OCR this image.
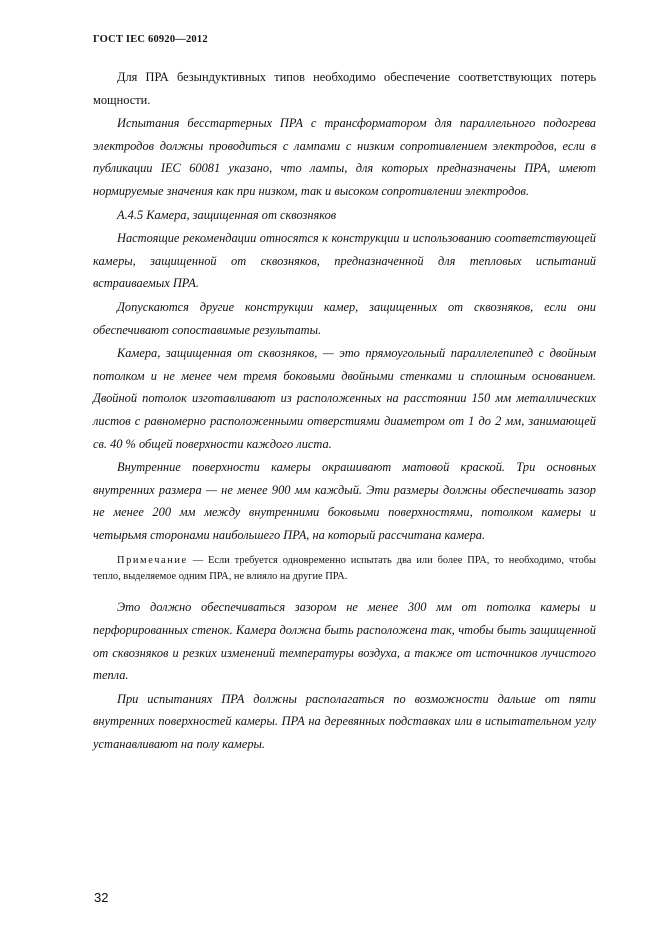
ГОСТ IEC 60920—2012

Для ПРА безындуктивных типов необходимо обеспечение соответствующих потерь мощности.

Испытания бесстартерных ПРА с трансформатором для параллельного подогрева электродов должны проводиться с лампами с низким сопротивлением электродов, если в публикации IEC 60081 указано, что лампы, для которых предназначены ПРА, имеют нормируемые значения как при низком, так и высоком сопротивлении электродов.

А.4.5 Камера, защищенная от сквозняков

Настоящие рекомендации относятся к конструкции и использованию соответствующей камеры, защищенной от сквозняков, предназначенной для тепловых испытаний встраиваемых ПРА.

Допускаются другие конструкции камер, защищенных от сквозняков, если они обеспечивают сопоставимые результаты.

Камера, защищенная от сквозняков, — это прямоугольный параллелепипед с двойным потолком и не менее чем тремя боковыми двойными стенками и сплошным основанием. Двойной потолок изготавливают из расположенных на расстоянии 150 мм металлических листов с равномерно расположенными отверстиями диаметром от 1 до 2 мм, занимающей св. 40 % общей поверхности каждого листа.

Внутренние поверхности камеры окрашивают матовой краской. Три основных внутренних размера — не менее 900 мм каждый. Эти размеры должны обеспечивать зазор не менее 200 мм между внутренними боковыми поверхностями, потолком камеры и четырьмя сторонами наибольшего ПРА, на который рассчитана камера.

Примечание — Если требуется одновременно испытать два или более ПРА, то необходимо, чтобы тепло, выделяемое одним ПРА, не влияло на другие ПРА.

Это должно обеспечиваться зазором не менее 300 мм от потолка камеры и перфорированных стенок. Камера должна быть расположена так, чтобы быть защищенной от сквозняков и резких изменений температуры воздуха, а также от источников лучистого тепла.

При испытаниях ПРА должны располагаться по возможности дальше от пяти внутренних поверхностей камеры. ПРА на деревянных подставках или в испытательном углу устанавливают на полу камеры.

32
